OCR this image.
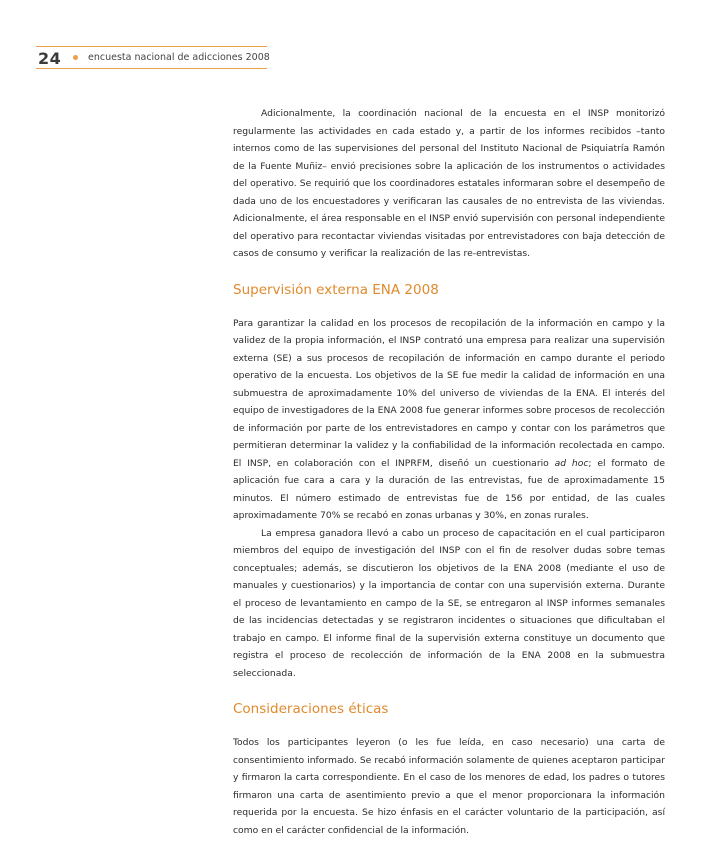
24	encuesta nacional de adicciones 2008

Adicionalmente, la coordinación nacional de la encuesta en el INSP monitorizó regularmente las actividades en cada estado y, a partir de los informes recibidos –tanto internos como de las supervisiones del personal del Instituto Nacional de Psiquiatría Ramón de la Fuente Muñiz– envió precisiones sobre la aplicación de los instrumentos o actividades del operativo. Se requirió que los coordinadores estatales informaran sobre el desempeño de dada uno de los encuestadores y verificaran las causales de no entrevista de las viviendas. Adicionalmente, el área responsable en el INSP envió supervisión con personal independiente del operativo para recontactar viviendas visitadas por entrevistadores con baja detección de casos de consumo y verificar la realización de las re-entrevistas.

Supervisión externa ENA 2008

Para garantizar la calidad en los procesos de recopilación de la información en campo y la validez de la propia información, el INSP contrató una empresa para realizar una supervisión externa (SE) a sus procesos de recopilación de información en campo durante el periodo operativo de la encuesta. Los objetivos de la SE fue medir la calidad de información en una submuestra de aproximadamente 10% del universo de viviendas de la ENA. El interés del equipo de investigadores de la ENA 2008 fue generar informes sobre procesos de recolección de información por parte de los entrevistadores en campo y contar con los parámetros que permitieran determinar la validez y la confiabilidad de la información recolectada en campo. El INSP, en colaboración con el INPRFM, diseñó un cuestionario ad hoc; el formato de aplicación fue cara a cara y la duración de las entrevistas, fue de aproximadamente 15 minutos. El número estimado de entrevistas fue de 156 por entidad, de las cuales aproximadamente 70% se recabó en zonas urbanas y 30%, en zonas rurales.

La empresa ganadora llevó a cabo un proceso de capacitación en el cual participaron miembros del equipo de investigación del INSP con el fin de resolver dudas sobre temas conceptuales; además, se discutieron los objetivos de la ENA 2008 (mediante el uso de manuales y cuestionarios) y la importancia de contar con una supervisión externa. Durante el proceso de levantamiento en campo de la SE, se entregaron al INSP informes semanales de las incidencias detectadas y se registraron incidentes o situaciones que dificultaban el trabajo en campo. El informe final de la supervisión externa constituye un documento que registra el proceso de recolección de información de la ENA 2008 en la submuestra seleccionada.

Consideraciones éticas

Todos los participantes leyeron (o les fue leída, en caso necesario) una carta de consentimiento informado. Se recabó información solamente de quienes aceptaron participar y firmaron la carta correspondiente. En el caso de los menores de edad, los padres o tutores firmaron una carta de asentimiento previo a que el menor proporcionara la información requerida por la encuesta. Se hizo énfasis en el carácter voluntario de la participación, así como en el carácter confidencial de la información.
